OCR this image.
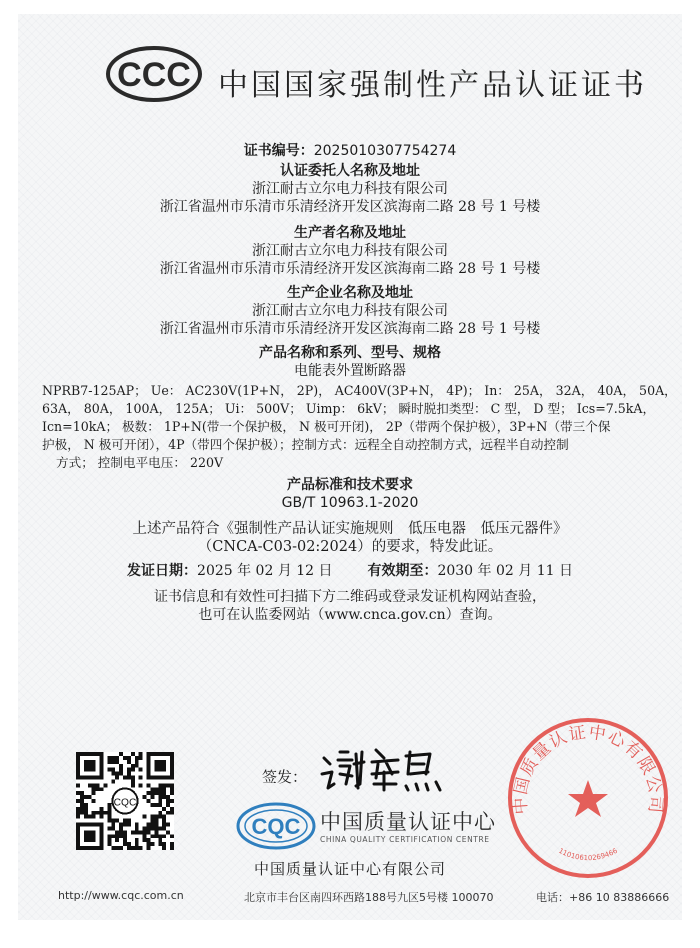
CCC 中国国家强制性产品认证证书
证书编号：2025010307754274
认证委托人名称及地址
浙江耐古立尔电力科技有限公司
浙江省温州市乐清市乐清经济开发区滨海南二路 28 号 1 号楼
生产者名称及地址
浙江耐古立尔电力科技有限公司
浙江省温州市乐清市乐清经济开发区滨海南二路 28 号 1 号楼
生产企业名称及地址
浙江耐古立尔电力科技有限公司
浙江省温州市乐清市乐清经济开发区滨海南二路 28 号 1 号楼
产品名称和系列、型号、规格
电能表外置断路器
NPRB7-125AP； Ue： AC230V(1P+N， 2P)， AC400V(3P+N， 4P)； In： 25A， 32A， 40A， 50A，
63A， 80A， 100A， 125A； Ui： 500V； Uimp： 6kV； 瞬时脱扣类型： C 型， D 型； Ics=7.5kA，
Icn=10kA； 极数： 1P+N(带一个保护极， N 极可开闭)， 2P（带两个保护极），3P+N（带三个保
护极， N 极可开闭），4P（带四个保护极）；控制方式：远程全自动控制方式，远程半自动控制
方式； 控制电平电压： 220V
产品标准和技术要求
GB/T 10963.1-2020
上述产品符合《强制性产品认证实施规则　低压电器　低压元器件》
（CNCA-C03-02:2024）的要求，特发此证。
发证日期：2025 年 02 月 12 日 有效期至：2030 年 02 月 11 日
证书信息和有效性可扫描下方二维码或登录发证机构网站查验，
也可在认监委网站（www.cnca.gov.cn）查询。
CQC
签发：
CQC 中国质量认证中心
CHINA QUALITY CERTIFICATION CENTRE
中国质量认证中心有限公司
11010610269466
中国质量认证中心有限公司
http://www.cqc.com.cn	北京市丰台区南四环西路188号九区5号楼 100070	电话：+86 10 83886666
